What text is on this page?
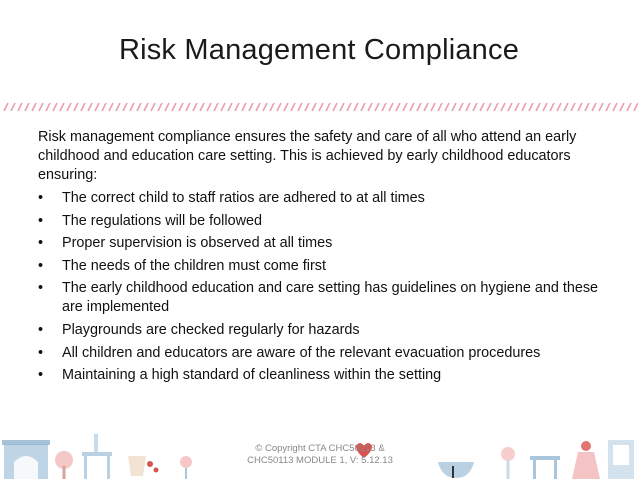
Risk Management Compliance

Risk management compliance ensures the safety and care of all who attend an early childhood and education care setting. This is achieved by early childhood educators ensuring:

• The correct child to staff ratios are adhered to at all times
• The regulations will be followed
• Proper supervision is observed at all times
• The needs of the children must come first
• The early childhood education and care setting has guidelines on hygiene and these are implemented
• Playgrounds are checked regularly for hazards
• All children and educators are aware of the relevant evacuation procedures
• Maintaining a high standard of cleanliness within the setting
© Copyright CTA CHC50213 &
CHC50113 MODULE 1, V: 5.12.13
